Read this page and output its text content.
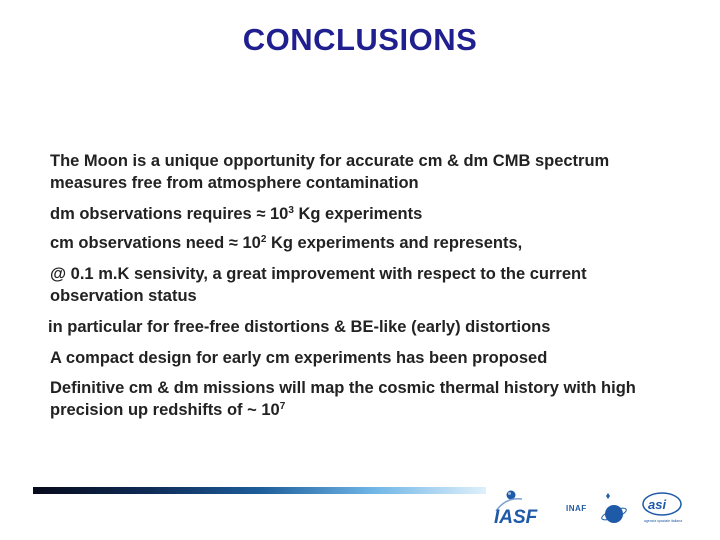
CONCLUSIONS
The Moon is a unique opportunity for accurate cm & dm CMB spectrum
measures free from atmosphere contamination
dm observations requires ≈ $10^3$ Kg experiments
cm observations need ≈ $10^2$ Kg experiments and represents,
@ 0.1 m.K sensivity, a great improvement with respect to the current
observation status
in particular for free-free distortions & BE-like (early) distortions
A compact design for early cm experiments has been proposed
Definitive cm & dm missions will map the cosmic thermal history with high
precision up redshifts of ~ $10^7$
IASF	INAF	asi
agenzia spaziale italiana
